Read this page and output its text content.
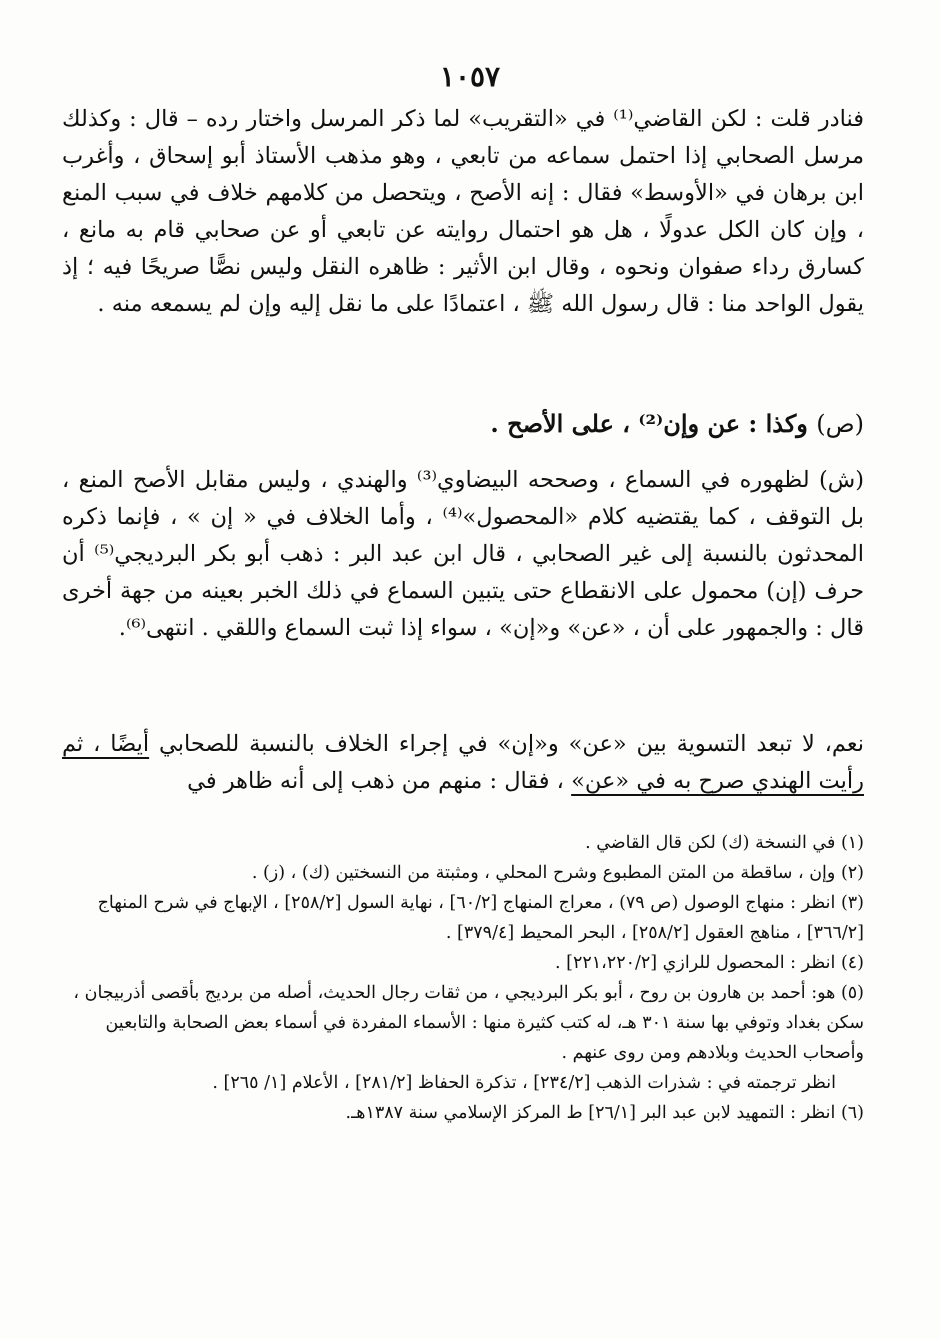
١٠٥٧

فنادر قلت : لكن القاضي⁽¹⁾ في «التقريب» لما ذكر المرسل واختار رده – قال : وكذلك مرسل الصحابي إذا احتمل سماعه من تابعي ، وهو مذهب الأستاذ أبو إسحاق ، وأغرب ابن برهان في «الأوسط» فقال : إنه الأصح ، ويتحصل من كلامهم خلاف في سبب المنع ، وإن كان الكل عدولًا ، هل هو احتمال روايته عن تابعي أو عن صحابي قام به مانع ، كسارق رداء صفوان ونحوه ، وقال ابن الأثير : ظاهره النقل وليس نصًّا صريحًا فيه ؛ إذ يقول الواحد منا : قال رسول الله ﷺ ، اعتمادًا على ما نقل إليه وإن لم يسمعه منه .

(ص) وكذا : عن وإن⁽²⁾ ، على الأصح .

(ش) لظهوره في السماع ، وصححه البيضاوي⁽³⁾ والهندي ، وليس مقابل الأصح المنع ، بل التوقف ، كما يقتضيه كلام «المحصول»⁽⁴⁾ ، وأما الخلاف في « إن » ، فإنما ذكره المحدثون بالنسبة إلى غير الصحابي ، قال ابن عبد البر : ذهب أبو بكر البرديجي⁽⁵⁾ أن حرف (إن) محمول على الانقطاع حتى يتبين السماع في ذلك الخبر بعينه من جهة أخرى قال : والجمهور على أن ، «عن» و«إن» ، سواء إذا ثبت السماع واللقي . انتهى⁽⁶⁾.

نعم، لا تبعد التسوية بين «عن» و«إن» في إجراء الخلاف بالنسبة للصحابي أيضًا ، ثم رأيت الهندي صرح به في «عن» ، فقال : منهم من ذهب إلى أنه ظاهر في

(١) في النسخة (ك) لكن قال القاضي .

(٢) وإن ، ساقطة من المتن المطبوع وشرح المحلي ، ومثبتة من النسختين (ك) ، (ز) .

(٣) انظر : منهاج الوصول (ص ٧٩) ، معراج المنهاج [٦٠/٢] ، نهاية السول [٢٥٨/٢] ، الإبهاج في شرح المنهاج [٣٦٦/٢] ، مناهج العقول [٢٥٨/٢] ، البحر المحيط [٣٧٩/٤] .

(٤) انظر : المحصول للرازي [٢٢١،٢٢٠/٢] .

(٥) هو: أحمد بن هارون بن روح ، أبو بكر البرديجي ، من ثقات رجال الحديث، أصله من برديج بأقصى أذربيجان ، سكن بغداد وتوفي بها سنة ٣٠١ هـ، له كتب كثيرة منها : الأسماء المفردة في أسماء بعض الصحابة والتابعين وأصحاب الحديث وبلادهم ومن روى عنهم .
انظر ترجمته في : شذرات الذهب [٢٣٤/٢] ، تذكرة الحفاظ [٢٨١/٢] ، الأعلام [١/ ٢٦٥] .

(٦) انظر : التمهيد لابن عبد البر [٢٦/١] ط المركز الإسلامي سنة ١٣٨٧هـ.
